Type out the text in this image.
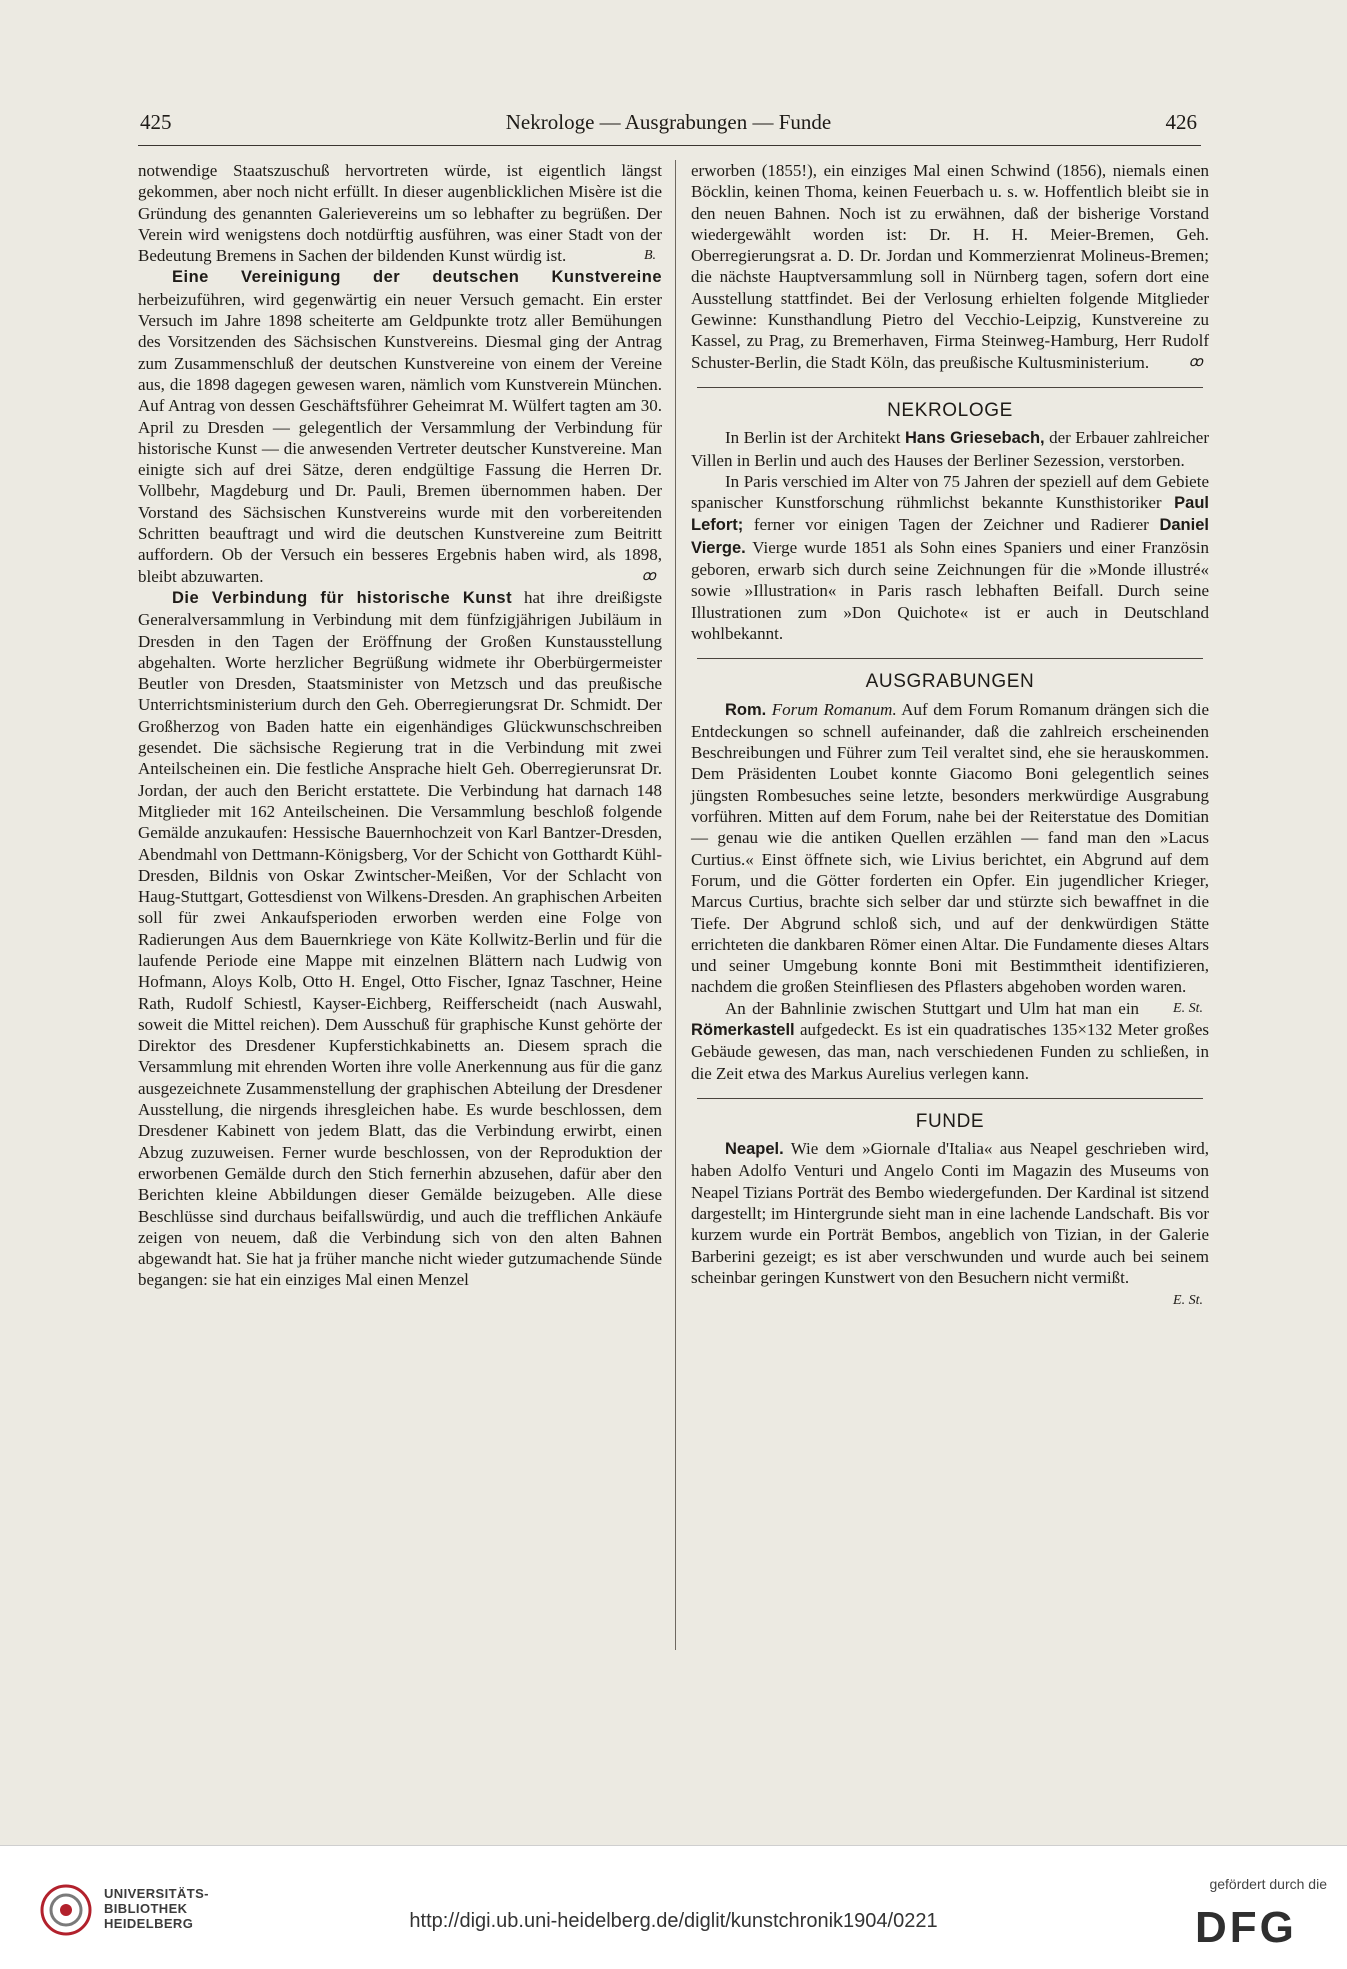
425	Nekrologe — Ausgrabungen — Funde	426

notwendige Staatszuschuß hervortreten würde, ist eigentlich längst gekommen, aber noch nicht erfüllt. In dieser augenblicklichen Misère ist die Gründung des genannten Galerievereins um so lebhafter zu begrüßen. Der Verein wird wenigstens doch notdürftig ausführen, was einer Stadt von der Bedeutung Bremens in Sachen der bildenden Kunst würdig ist.	B.

Eine Vereinigung der deutschen Kunstvereine herbeizuführen, wird gegenwärtig ein neuer Versuch gemacht. Ein erster Versuch im Jahre 1898 scheiterte am Geldpunkte trotz aller Bemühungen des Vorsitzenden des Sächsischen Kunstvereins. Diesmal ging der Antrag zum Zusammenschluß der deutschen Kunstvereine von einem der Vereine aus, die 1898 dagegen gewesen waren, nämlich vom Kunstverein München. Auf Antrag von dessen Geschäftsführer Geheimrat M. Wülfert tagten am 30. April zu Dresden — gelegentlich der Versammlung der Verbindung für historische Kunst — die anwesenden Vertreter deutscher Kunstvereine. Man einigte sich auf drei Sätze, deren endgültige Fassung die Herren Dr. Vollbehr, Magdeburg und Dr. Pauli, Bremen übernommen haben. Der Vorstand des Sächsischen Kunstvereins wurde mit den vorbereitenden Schritten beauftragt und wird die deutschen Kunstvereine zum Beitritt auffordern. Ob der Versuch ein besseres Ergebnis haben wird, als 1898, bleibt abzuwarten.	ꝏ

Die Verbindung für historische Kunst hat ihre dreißigste Generalversammlung in Verbindung mit dem fünfzigjährigen Jubiläum in Dresden in den Tagen der Eröffnung der Großen Kunstausstellung abgehalten. Worte herzlicher Begrüßung widmete ihr Oberbürgermeister Beutler von Dresden, Staatsminister von Metzsch und das preußische Unterrichtsministerium durch den Geh. Oberregierungsrat Dr. Schmidt. Der Großherzog von Baden hatte ein eigenhändiges Glückwunschschreiben gesendet. Die sächsische Regierung trat in die Verbindung mit zwei Anteilscheinen ein. Die festliche Ansprache hielt Geh. Oberregierunsrat Dr. Jordan, der auch den Bericht erstattete. Die Verbindung hat darnach 148 Mitglieder mit 162 Anteilscheinen. Die Versammlung beschloß folgende Gemälde anzukaufen: Hessische Bauernhochzeit von Karl Bantzer-Dresden, Abendmahl von Dettmann-Königsberg, Vor der Schicht von Gotthardt Kühl-Dresden, Bildnis von Oskar Zwintscher-Meißen, Vor der Schlacht von Haug-Stuttgart, Gottesdienst von Wilkens-Dresden. An graphischen Arbeiten soll für zwei Ankaufsperioden erworben werden eine Folge von Radierungen Aus dem Bauernkriege von Käte Kollwitz-Berlin und für die laufende Periode eine Mappe mit einzelnen Blättern nach Ludwig von Hofmann, Aloys Kolb, Otto H. Engel, Otto Fischer, Ignaz Taschner, Heine Rath, Rudolf Schiestl, Kayser-Eichberg, Reifferscheidt (nach Auswahl, soweit die Mittel reichen). Dem Ausschuß für graphische Kunst gehörte der Direktor des Dresdener Kupferstichkabinetts an. Diesem sprach die Versammlung mit ehrenden Worten ihre volle Anerkennung aus für die ganz ausgezeichnete Zusammenstellung der graphischen Abteilung der Dresdener Ausstellung, die nirgends ihresgleichen habe. Es wurde beschlossen, dem Dresdener Kabinett von jedem Blatt, das die Verbindung erwirbt, einen Abzug zuzuweisen. Ferner wurde beschlossen, von der Reproduktion der erworbenen Gemälde durch den Stich fernerhin abzusehen, dafür aber den Berichten kleine Abbildungen dieser Gemälde beizugeben. Alle diese Beschlüsse sind durchaus beifallswürdig, und auch die trefflichen Ankäufe zeigen von neuem, daß die Verbindung sich von den alten Bahnen abgewandt hat. Sie hat ja früher manche nicht wieder gutzumachende Sünde begangen: sie hat ein einziges Mal einen Menzel

erworben (1855!), ein einziges Mal einen Schwind (1856), niemals einen Böcklin, keinen Thoma, keinen Feuerbach u. s. w. Hoffentlich bleibt sie in den neuen Bahnen. Noch ist zu erwähnen, daß der bisherige Vorstand wiedergewählt worden ist: Dr. H. H. Meier-Bremen, Geh. Oberregierungsrat a. D. Dr. Jordan und Kommerzienrat Molineus-Bremen; die nächste Hauptversammlung soll in Nürnberg tagen, sofern dort eine Ausstellung stattfindet. Bei der Verlosung erhielten folgende Mitglieder Gewinne: Kunsthandlung Pietro del Vecchio-Leipzig, Kunstvereine zu Kassel, zu Prag, zu Bremerhaven, Firma Steinweg-Hamburg, Herr Rudolf Schuster-Berlin, die Stadt Köln, das preußische Kultusministerium.	ꝏ

NEKROLOGE

In Berlin ist der Architekt Hans Griesebach, der Erbauer zahlreicher Villen in Berlin und auch des Hauses der Berliner Sezession, verstorben.

In Paris verschied im Alter von 75 Jahren der speziell auf dem Gebiete spanischer Kunstforschung rühmlichst bekannte Kunsthistoriker Paul Lefort; ferner vor einigen Tagen der Zeichner und Radierer Daniel Vierge. Vierge wurde 1851 als Sohn eines Spaniers und einer Französin geboren, erwarb sich durch seine Zeichnungen für die »Monde illustré« sowie »Illustration« in Paris rasch lebhaften Beifall. Durch seine Illustrationen zum »Don Quichote« ist er auch in Deutschland wohlbekannt.

AUSGRABUNGEN

Rom. Forum Romanum. Auf dem Forum Romanum drängen sich die Entdeckungen so schnell aufeinander, daß die zahlreich erscheinenden Beschreibungen und Führer zum Teil veraltet sind, ehe sie herauskommen. Dem Präsidenten Loubet konnte Giacomo Boni gelegentlich seines jüngsten Rombesuches seine letzte, besonders merkwürdige Ausgrabung vorführen. Mitten auf dem Forum, nahe bei der Reiterstatue des Domitian — genau wie die antiken Quellen erzählen — fand man den »Lacus Curtius.« Einst öffnete sich, wie Livius berichtet, ein Abgrund auf dem Forum, und die Götter forderten ein Opfer. Ein jugendlicher Krieger, Marcus Curtius, brachte sich selber dar und stürzte sich bewaffnet in die Tiefe. Der Abgrund schloß sich, und auf der denkwürdigen Stätte errichteten die dankbaren Römer einen Altar. Die Fundamente dieses Altars und seiner Umgebung konnte Boni mit Bestimmtheit identifizieren, nachdem die großen Steinfliesen des Pflasters abgehoben worden waren.
E. St.

An der Bahnlinie zwischen Stuttgart und Ulm hat man ein Römerkastell aufgedeckt. Es ist ein quadratisches 135×132 Meter großes Gebäude gewesen, das man, nach verschiedenen Funden zu schließen, in die Zeit etwa des Markus Aurelius verlegen kann.

FUNDE

Neapel. Wie dem »Giornale d'Italia« aus Neapel geschrieben wird, haben Adolfo Venturi und Angelo Conti im Magazin des Museums von Neapel Tizians Porträt des Bembo wiedergefunden. Der Kardinal ist sitzend dargestellt; im Hintergrunde sieht man in eine lachende Landschaft. Bis vor kurzem wurde ein Porträt Bembos, angeblich von Tizian, in der Galerie Barberini gezeigt; es ist aber verschwunden und wurde auch bei seinem scheinbar geringen Kunstwert von den Besuchern nicht vermißt.

E. St.

UNIVERSITÄTS-
BIBLIOTHEK
HEIDELBERG	http://digi.ub.uni-heidelberg.de/diglit/kunstchronik1904/0221
gefördert durch die
DFG
